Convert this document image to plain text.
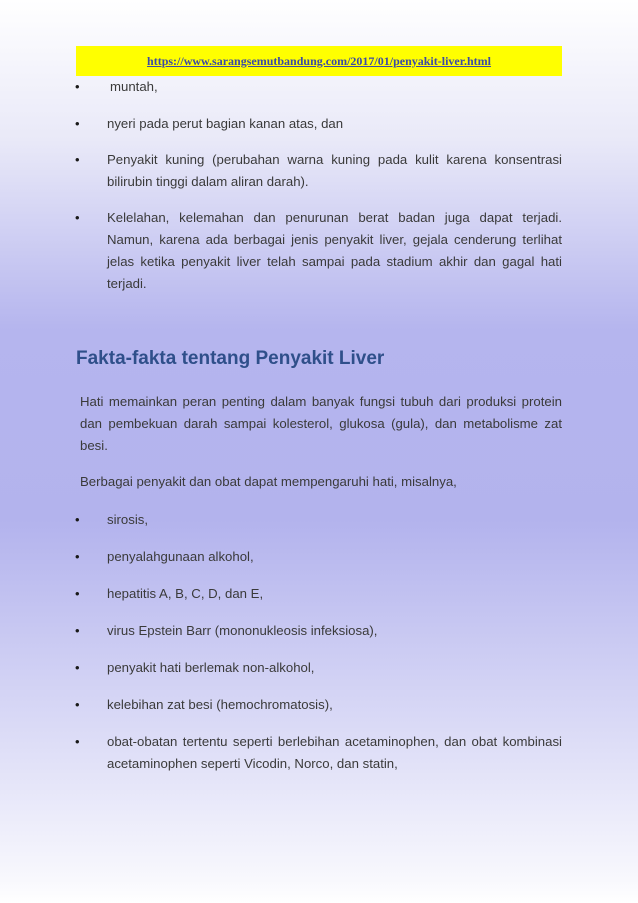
https://www.sarangsemutbandung.com/2017/01/penyakit-liver.html
• muntah,
• nyeri pada perut bagian kanan atas, dan
• Penyakit kuning (perubahan warna kuning pada kulit karena konsentrasi bilirubin tinggi dalam aliran darah).
• Kelelahan, kelemahan dan penurunan berat badan juga dapat terjadi. Namun, karena ada berbagai jenis penyakit liver, gejala cenderung terlihat jelas ketika penyakit liver telah sampai pada stadium akhir dan gagal hati terjadi.
Fakta-fakta tentang Penyakit Liver

Hati memainkan peran penting dalam banyak fungsi tubuh dari produksi protein dan pembekuan darah sampai kolesterol, glukosa (gula), dan metabolisme zat besi.

Berbagai penyakit dan obat dapat mempengaruhi hati, misalnya,

• sirosis,
• penyalahgunaan alkohol,
• hepatitis A, B, C, D, dan E,
• virus Epstein Barr (mononukleosis infeksiosa),
• penyakit hati berlemak non-alkohol,
• kelebihan zat besi (hemochromatosis),
• obat-obatan tertentu seperti berlebihan acetaminophen, dan obat kombinasi acetaminophen seperti Vicodin, Norco, dan statin,
